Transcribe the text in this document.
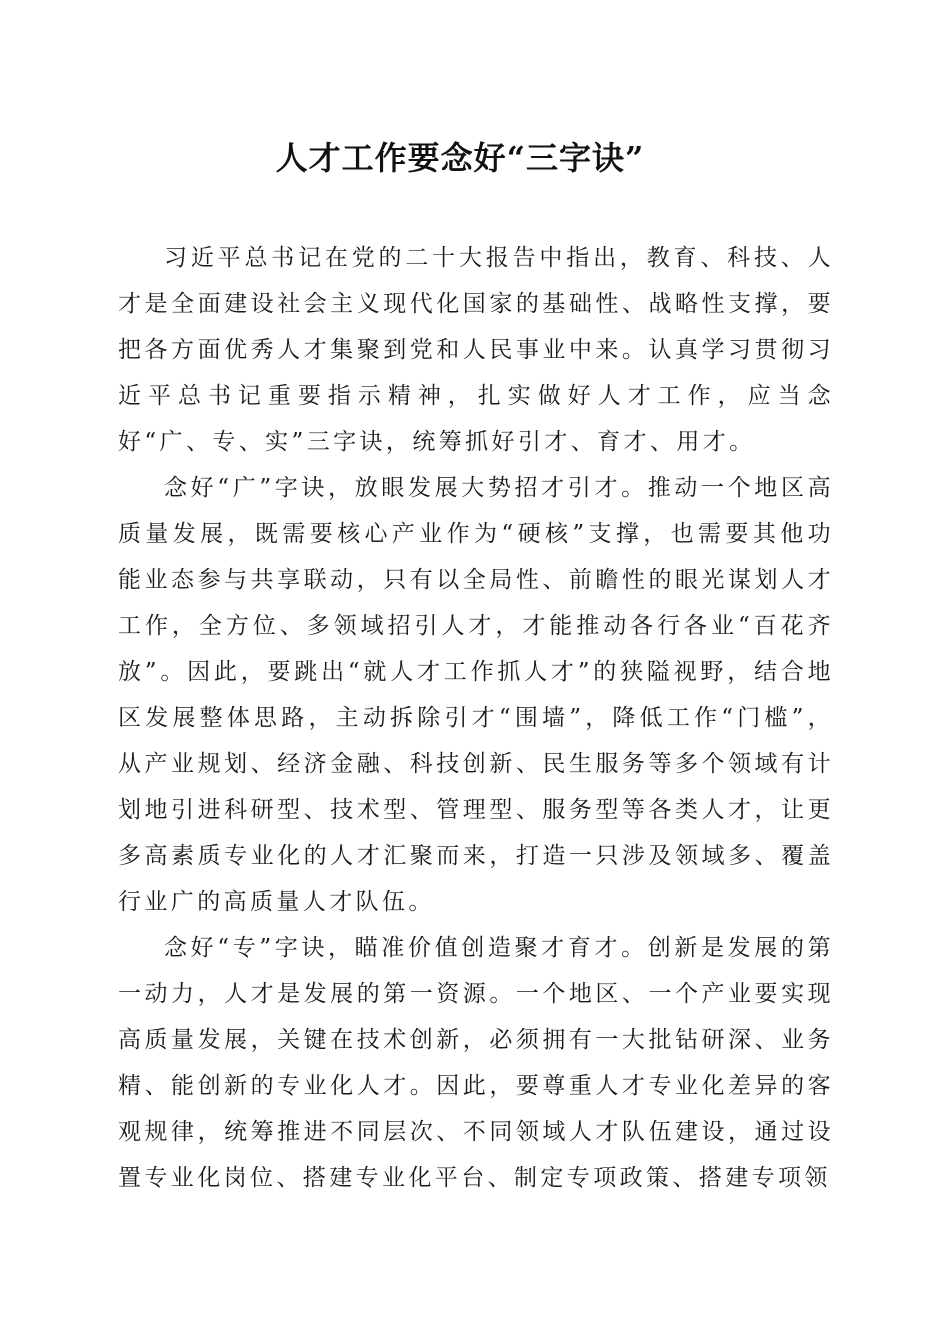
人才工作要念好“三字诀”

习近平总书记在党的二十大报告中指出，教育、科技、人才是全面建设社会主义现代化国家的基础性、战略性支撑，要把各方面优秀人才集聚到党和人民事业中来。认真学习贯彻习近平总书记重要指示精神，扎实做好人才工作，应当念好“广、专、实”三字诀，统筹抓好引才、育才、用才。

念好“广”字诀，放眼发展大势招才引才。推动一个地区高质量发展，既需要核心产业作为“硬核”支撑，也需要其他功能业态参与共享联动，只有以全局性、前瞻性的眼光谋划人才工作，全方位、多领域招引人才，才能推动各行各业“百花齐放”。因此，要跳出“就人才工作抓人才”的狭隘视野，结合地区发展整体思路，主动拆除引才“围墙”，降低工作“门槛”，从产业规划、经济金融、科技创新、民生服务等多个领域有计划地引进科研型、技术型、管理型、服务型等各类人才，让更多高素质专业化的人才汇聚而来，打造一只涉及领域多、覆盖行业广的高质量人才队伍。

念好“专”字诀，瞄准价值创造聚才育才。创新是发展的第一动力，人才是发展的第一资源。一个地区、一个产业要实现高质量发展，关键在技术创新，必须拥有一大批钻研深、业务精、能创新的专业化人才。因此，要尊重人才专业化差异的客观规律，统筹推进不同层次、不同领域人才队伍建设，通过设置专业化岗位、搭建专业化平台、制定专项政策、搭建专项领
